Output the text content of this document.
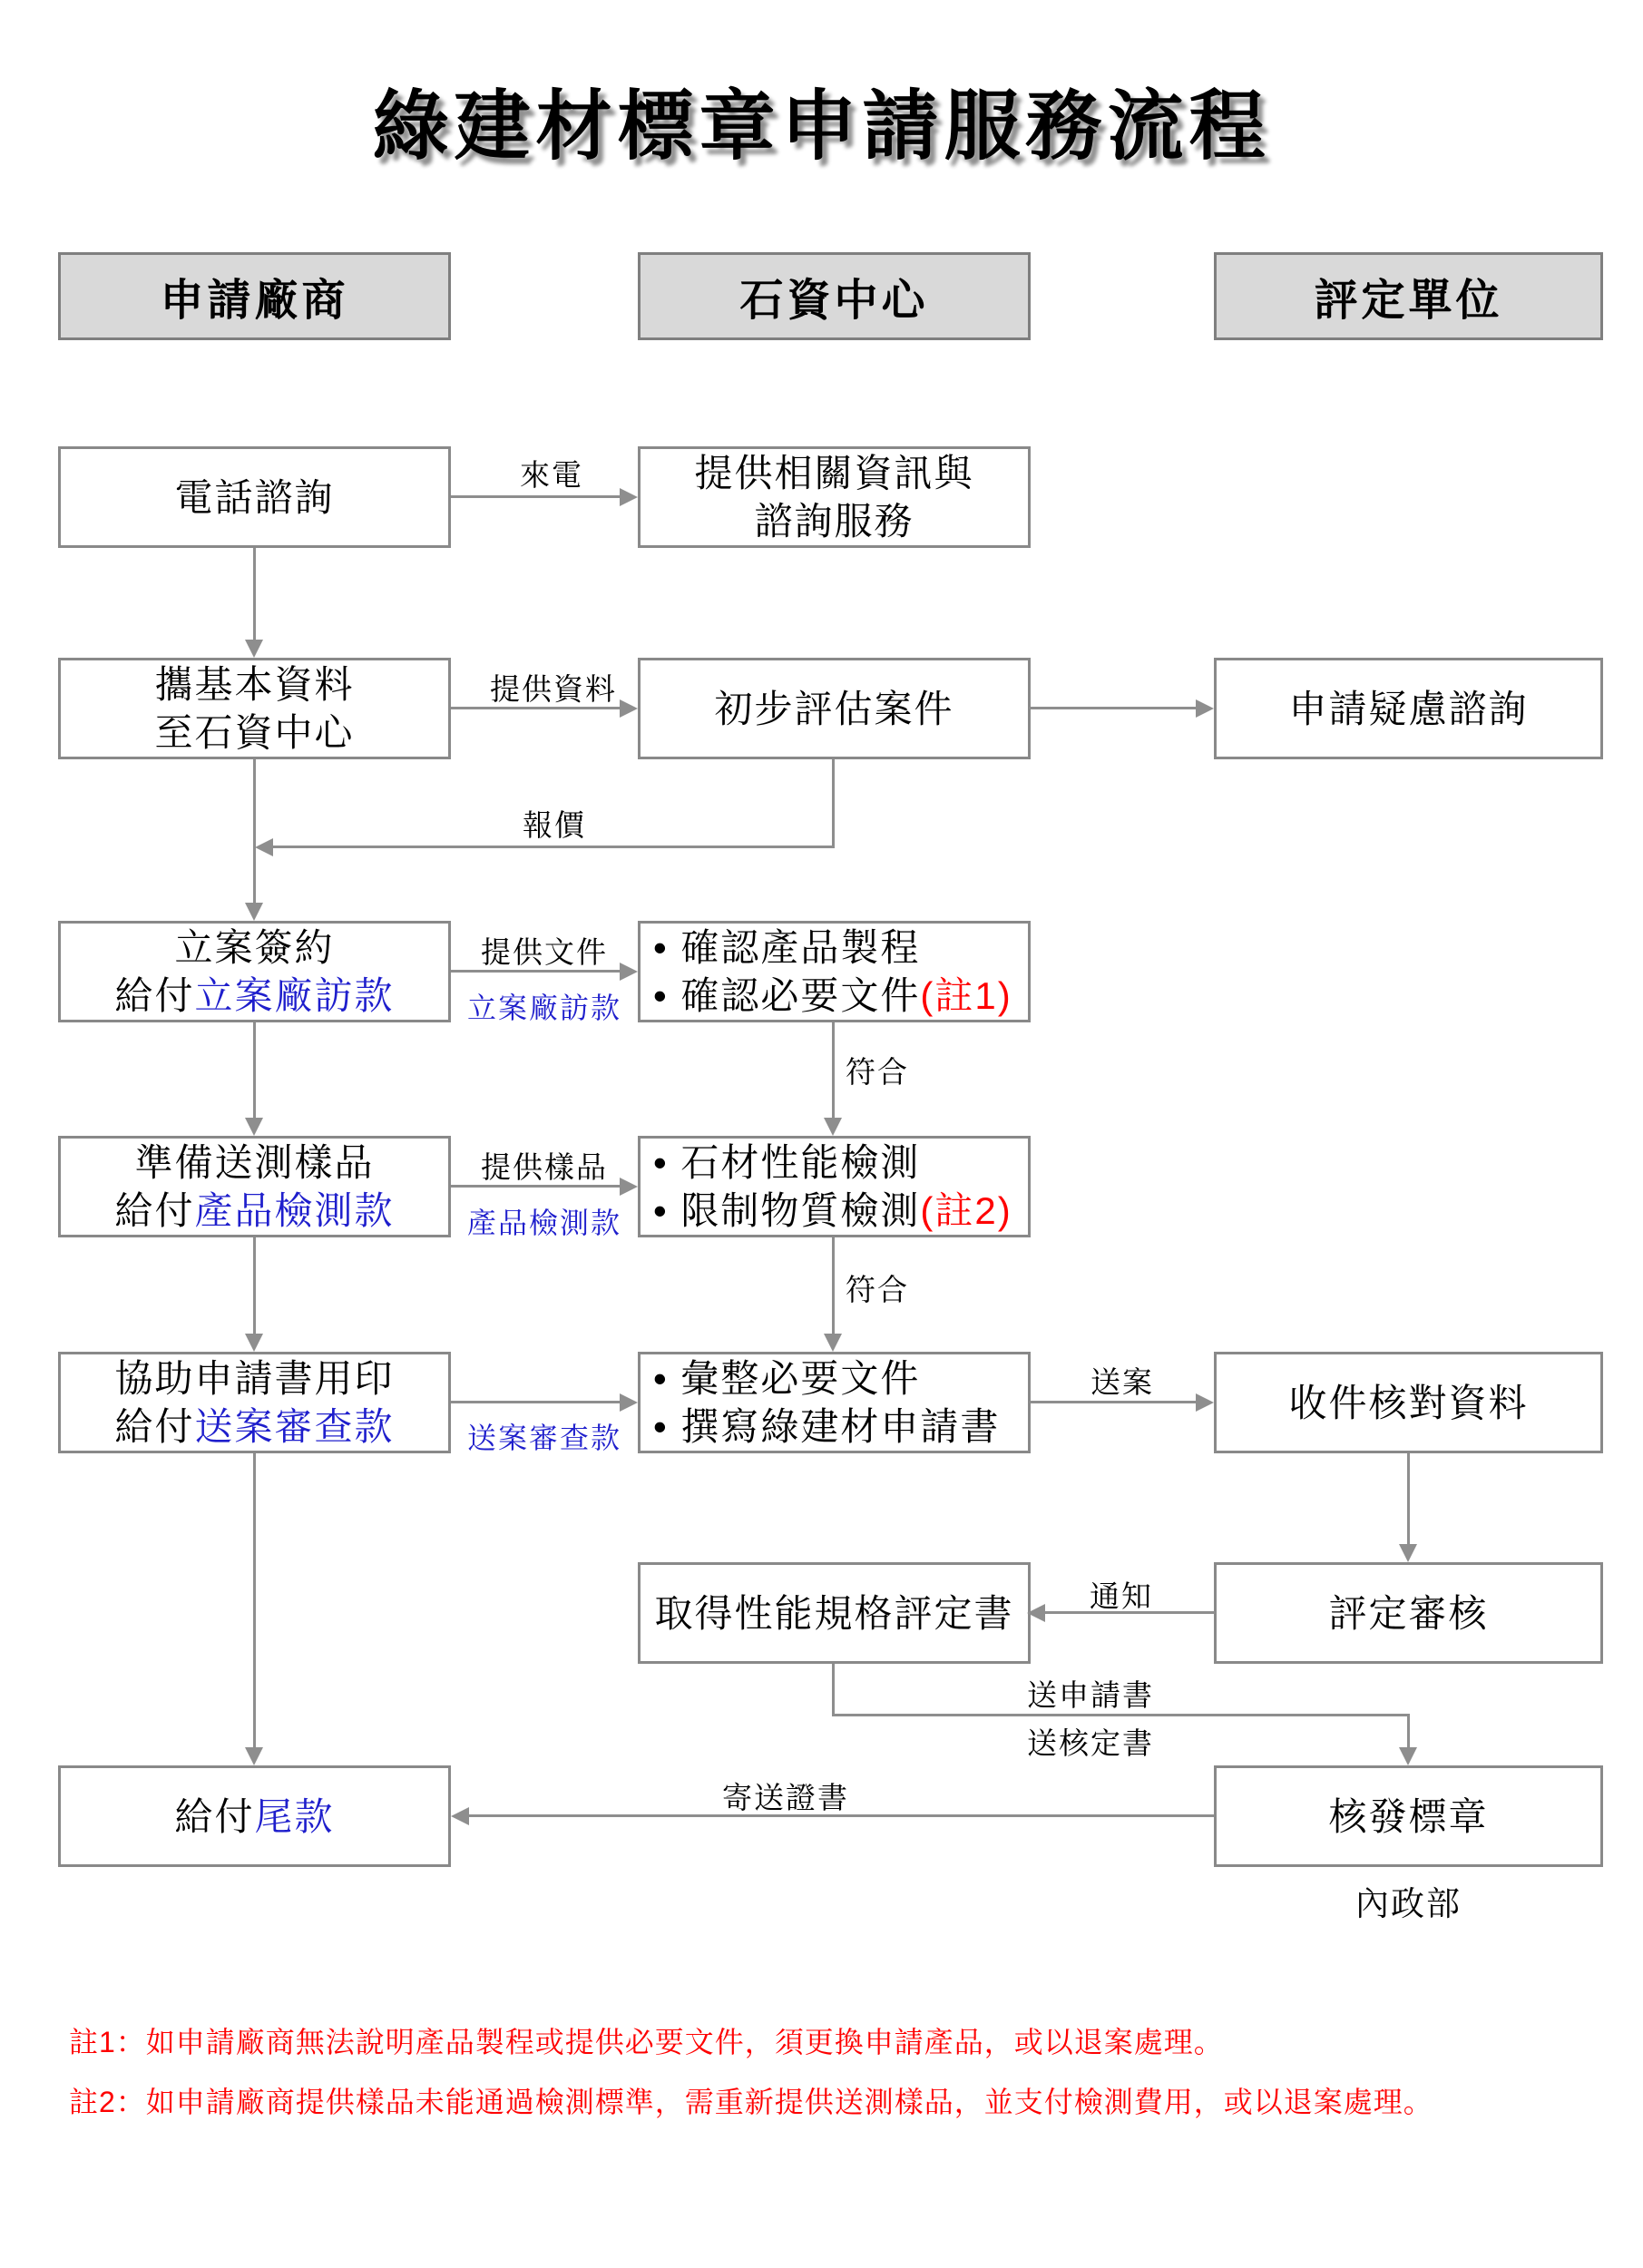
綠建材標章申請服務流程
申請廠商	石資中心	評定單位
電話諮詢
提供相關資訊與
諮詢服務
攜基本資料
至石資中心
初步評估案件	申請疑慮諮詢
立案簽約
給付立案廠訪款
• 確認產品製程
• 確認必要文件(註1)
準備送測樣品
給付產品檢測款
• 石材性能檢測
• 限制物質檢測(註2)
協助申請書用印
給付送案審查款
• 彙整必要文件
• 撰寫綠建材申請書
收件核對資料
取得性能規格評定書	評定審核
給付尾款	核發標章
內政部
來電
提供資料
報價
提供文件
立案廠訪款
提供樣品
產品檢測款
送案審查款
送案
符合
符合
通知
送申請書
送核定書
寄送證書
註1：如申請廠商無法說明產品製程或提供必要文件，須更換申請產品，或以退案處理。
註2：如申請廠商提供樣品未能通過檢測標準，需重新提供送測樣品，並支付檢測費用，或以退案處理。
